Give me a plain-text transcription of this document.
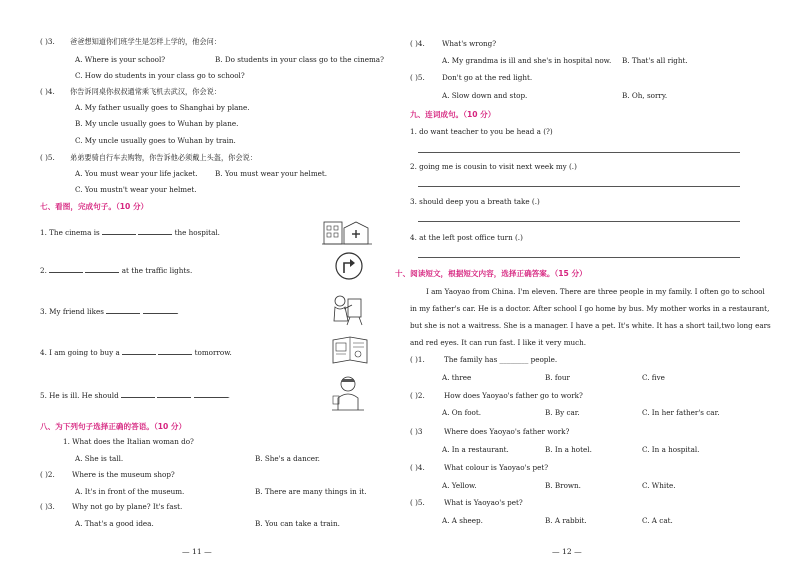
( )3. 爸爸想知道你们班学生是怎样上学的，他会问：
A. Where is your school?	B. Do students in your class go to the cinema?
C. How do students in your class go to school?
( )4. 你告诉同桌你叔叔通常乘飞机去武汉，你会说：
A. My father usually goes to Shanghai by plane.
B. My uncle usually goes to Wuhan by plane.
C. My uncle usually goes to Wuhan by train.
( )5. 弟弟要骑自行车去购物，你告诉他必须戴上头盔，你会说：
A. You must wear your life jacket. B. You must wear your helmet.
C. You mustn't wear your helmet.
七、看图，完成句子。（10 分）
1. The cinema is	the hospital.
2.	at the traffic lights.
3. My friend likes	.
4. I am going to buy a	tomorrow.
5. He is ill. He should	.
八、为下列句子选择正确的答语。（10 分）
1. What does the Italian woman do?
A. She is tall.	B. She's a dancer.
( )2. Where is the museum shop?
A. It's in front of the museum.	B. There are many things in it.
( )3. Why not go by plane? It's fast.
A. That's a good idea.	B. You can take a train.
— 11 —
( )4. What's wrong?
A. My grandma is ill and she's in hospital now. B. That's all right.
( )5. Don't go at the red light.
A. Slow down and stop.	B. Oh, sorry.
九、连词成句。（10 分）
1. do want teacher to you be head a (?)
2. going me is cousin to visit next week my (.)
3. should deep you a breath take (.)
4. at the left post office turn (.)
十、阅读短文，根据短文内容，选择正确答案。（15 分）
I am Yaoyao from China. I'm eleven. There are three people in my family. I often go to school
in my father's car. He is a doctor. After school I go home by bus. My mother works in a restaurant,
but she is not a waitress. She is a manager. I have a pet. It's white. It has a short tail,two long ears
and red eyes. It can run fast. I like it very much.
( )1.	The family has ________ people.
A. three	B. four	C. five
( )2.	How does Yaoyao's father go to work?
A. On foot.	B. By car.	C. In her father's car.
( )3	Where does Yaoyao's father work?
A. In a restaurant.	B. In a hotel.	C. In a hospital.
( )4.	What colour is Yaoyao's pet?
A. Yellow.	B. Brown.	C. White.
( )5.	What is Yaoyao's pet?
A. A sheep.	B. A rabbit.	C. A cat.
— 12 —
